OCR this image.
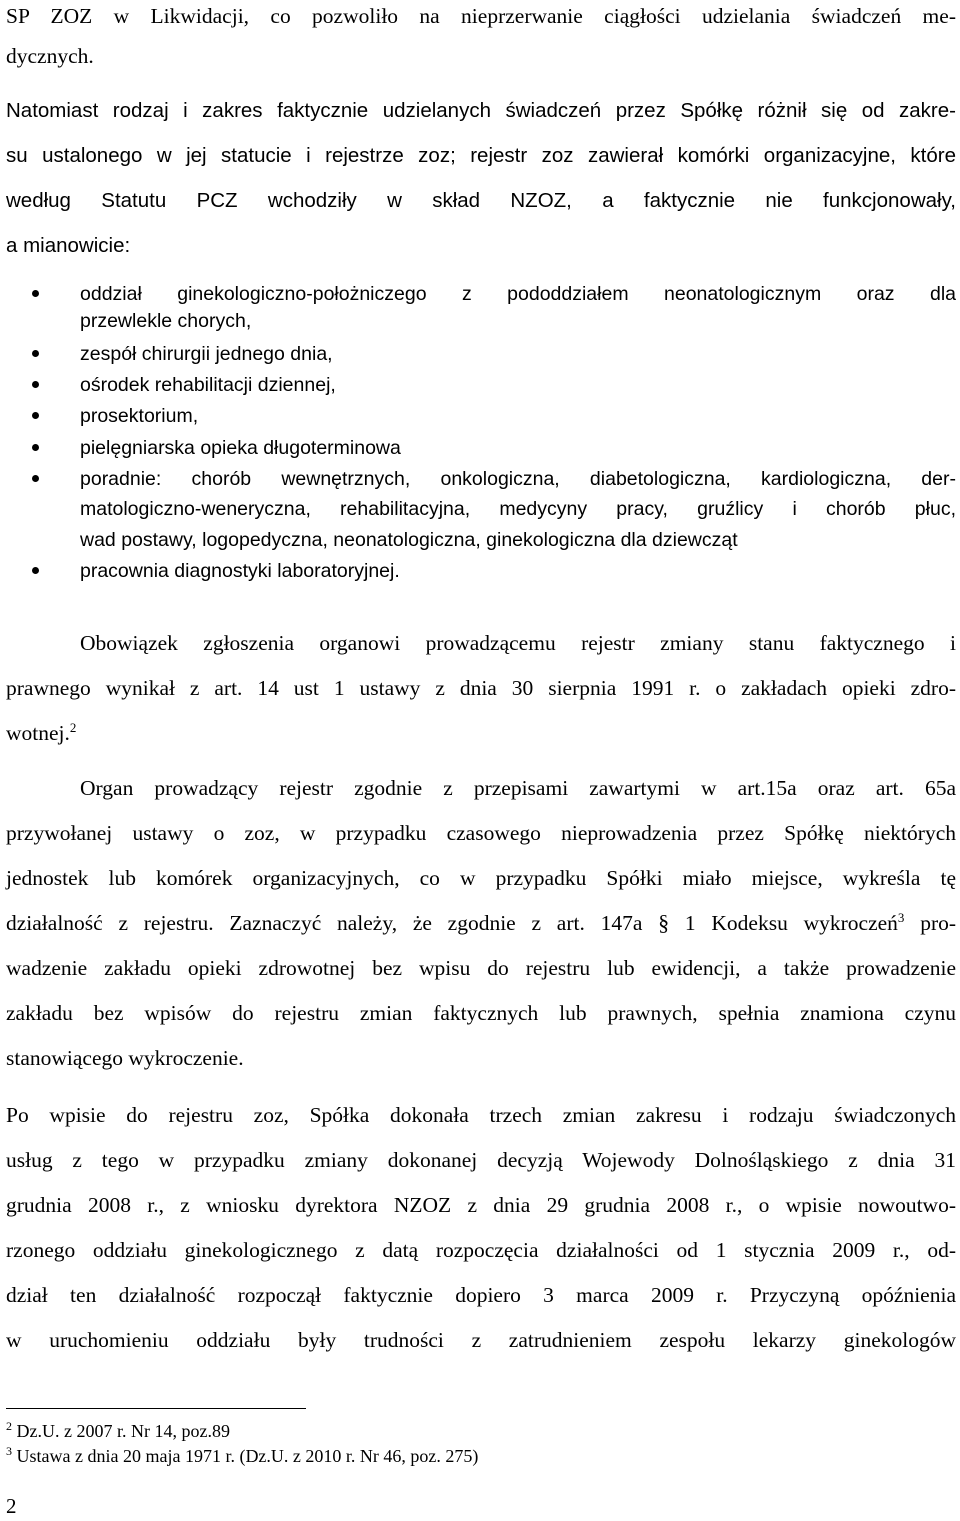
SP ZOZ w Likwidacji, co pozwoliło na nieprzerwanie ciągłości udzielania świadczeń me-
dycznych.
Natomiast rodzaj i zakres faktycznie udzielanych świadczeń przez Spółkę różnił się od zakre-
su ustalonego w jej statucie i rejestrze zoz; rejestr zoz zawierał komórki organizacyjne, które
według Statutu PCZ wchodziły w skład NZOZ, a faktycznie nie funkcjonowały,
a mianowicie:
oddział ginekologiczno-położniczego z pododdziałem neonatologicznym oraz dla
przewlekle chorych,
zespół chirurgii jednego dnia,
ośrodek rehabilitacji dziennej,
prosektorium,
pielęgniarska opieka długoterminowa
poradnie: chorób wewnętrznych, onkologiczna, diabetologiczna, kardiologiczna, der-
matologiczno-weneryczna, rehabilitacyjna, medycyny pracy, gruźlicy i chorób płuc,
wad postawy, logopedyczna, neonatologiczna, ginekologiczna dla dziewcząt
pracownia diagnostyki laboratoryjnej.
Obowiązek zgłoszenia organowi prowadzącemu rejestr zmiany stanu faktycznego i
prawnego wynikał z art. 14 ust 1 ustawy z dnia 30 sierpnia 1991 r. o zakładach opieki zdro-
wotnej.$^2$
Organ prowadzący rejestr zgodnie z przepisami zawartymi w art.15a oraz art. 65a
przywołanej ustawy o zoz, w przypadku czasowego nieprowadzenia przez Spółkę niektórych
jednostek lub komórek organizacyjnych, co w przypadku Spółki miało miejsce, wykreśla tę
działalność z rejestru. Zaznaczyć należy, że zgodnie z art. 147a § 1 Kodeksu wykroczeń$^3$ pro-
wadzenie zakładu opieki zdrowotnej bez wpisu do rejestru lub ewidencji, a także prowadzenie
zakładu bez wpisów do rejestru zmian faktycznych lub prawnych, spełnia znamiona czynu
stanowiącego wykroczenie.
Po wpisie do rejestru zoz, Spółka dokonała trzech zmian zakresu i rodzaju świadczonych
usług z tego w przypadku zmiany dokonanej decyzją Wojewody Dolnośląskiego z dnia 31
grudnia 2008 r., z wniosku dyrektora NZOZ z dnia 29 grudnia 2008 r., o wpisie nowoutwo-
rzonego oddziału ginekologicznego z datą rozpoczęcia działalności od 1 stycznia 2009 r., od-
dział ten działalność rozpoczął faktycznie dopiero 3 marca 2009 r. Przyczyną opóźnienia
w uruchomieniu oddziału były trudności z zatrudnieniem zespołu lekarzy ginekologów
$^2$ Dz.U. z 2007 r. Nr 14, poz.89
$^3$ Ustawa z dnia 20 maja 1971 r. (Dz.U. z 2010 r. Nr 46, poz. 275)
2
